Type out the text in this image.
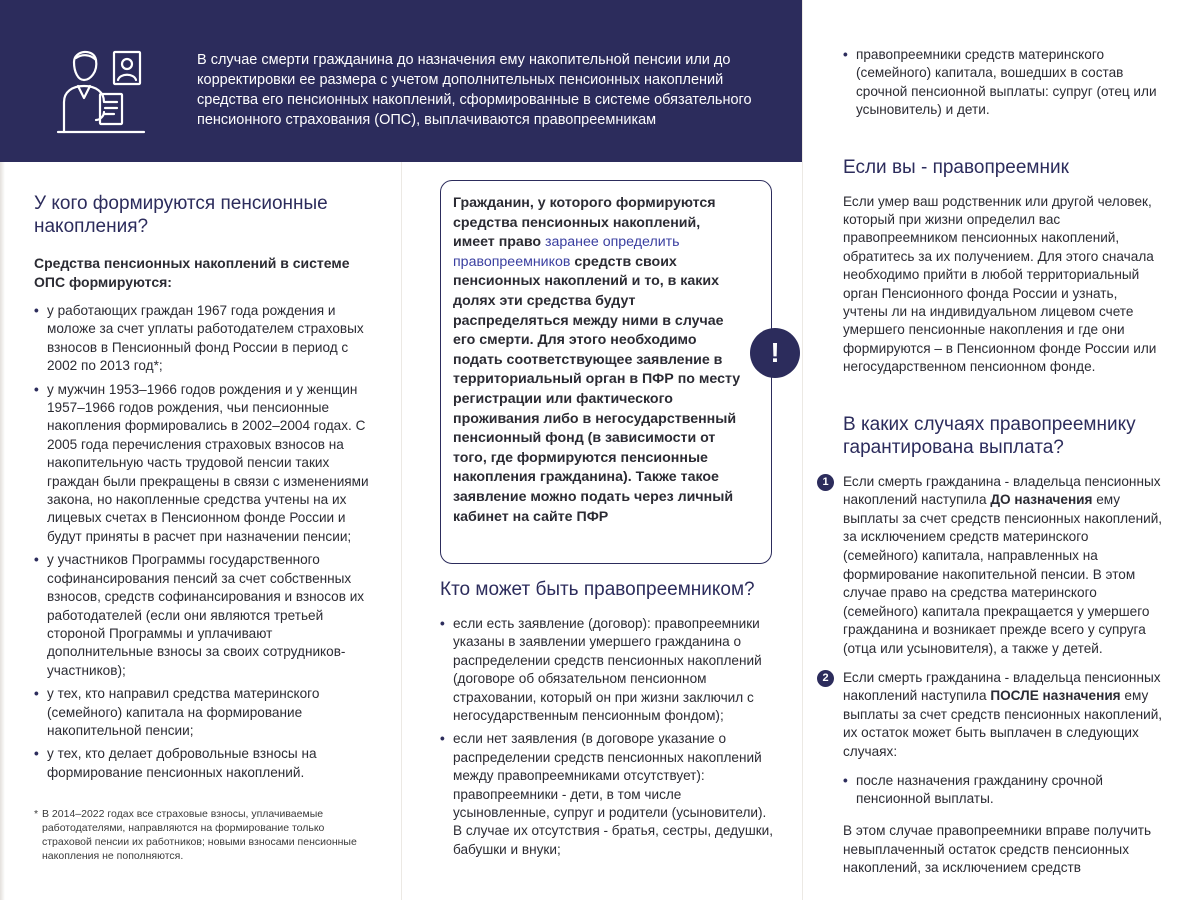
В случае смерти гражданина до назначения ему накопительной пенсии или до корректировки ее размера с учетом дополнительных пенсионных накоплений средства его пенсионных накоплений, сформированные в системе обязательного пенсионного страхования (ОПС), выплачиваются правопреемникам
У кого формируются пенсионные накопления?
Средства пенсионных накоплений в системе ОПС формируются:
• у работающих граждан 1967 года рождения и моложе за счет уплаты работодателем страховых взносов в Пенсионный фонд России в период с 2002 по 2013 год*;
• у мужчин 1953–1966 годов рождения и у женщин 1957–1966 годов рождения, чьи пенсионные накопления формировались в 2002–2004 годах. С 2005 года перечисления страховых взносов на накопительную часть трудовой пенсии таких граждан были прекращены в связи с изменениями закона, но накопленные средства учтены на их лицевых счетах в Пенсионном фонде России и будут приняты в расчет при назначении пенсии;
• у участников Программы государственного софинансирования пенсий за счет собственных взносов, средств софинансирования и взносов их работодателей (если они являются третьей стороной Программы и уплачивают дополнительные взносы за своих сотрудников-участников);
• у тех, кто направил средства материнского (семейного) капитала на формирование накопительной пенсии;
• у тех, кто делает добровольные взносы на формирование пенсионных накоплений.
* В 2014–2022 годах все страховые взносы, уплачиваемые работодателями, направляются на формирование только страховой пенсии их работников; новыми взносами пенсионные накопления не пополняются.
Гражданин, у которого формируются средства пенсионных накоплений, имеет право заранее определить правопреемников средств своих пенсионных накоплений и то, в каких долях эти средства будут распределяться между ними в случае его смерти. Для этого необходимо подать соответствующее заявление в территориальный орган в ПФР по месту регистрации или фактического проживания либо в негосударственный пенсионный фонд (в зависимости от того, где формируются пенсионные накопления гражданина). Также такое заявление можно подать через личный кабинет на сайте ПФР
!
Кто может быть правопреемником?
• если есть заявление (договор): правопреемники указаны в заявлении умершего гражданина о распределении средств пенсионных накоплений (договоре об обязательном пенсионном страховании, который он при жизни заключил с негосударственным пенсионным фондом);
• если нет заявления (в договоре указание о распределении средств пенсионных накоплений между правопреемниками отсутствует): правопреемники - дети, в том числе усыновленные, супруг и родители (усыновители). В случае их отсутствия - братья, сестры, дедушки, бабушки и внуки;
• правопреемники средств материнского (семейного) капитала, вошедших в состав срочной пенсионной выплаты: супруг (отец или усыновитель) и дети.
Если вы - правопреемник

Если умер ваш родственник или другой человек, который при жизни определил вас правопреемником пенсионных накоплений, обратитесь за их получением. Для этого сначала необходимо прийти в любой территориальный орган Пенсионного фонда России и узнать, учтены ли на индивидуальном лицевом счете умершего пенсионные накопления и где они формируются – в Пенсионном фонде России или негосударственном пенсионном фонде.

В каких случаях правопреемнику гарантирована выплата?
1	Если смерть гражданина - владельца пенсионных накоплений наступила ДО назначения ему выплаты за счет средств пенсионных накоплений, за исключением средств материнского (семейного) капитала, направленных на формирование накопительной пенсии. В этом случае право на средства материнского (семейного) капитала прекращается у умершего гражданина и возникает прежде всего у супруга (отца или усыновителя), а также у детей.
2	Если смерть гражданина - владельца пенсионных накоплений наступила ПОСЛЕ назначения ему выплаты за счет средств пенсионных накоплений, их остаток может быть выплачен в следующих случаях:
• после назначения гражданину срочной пенсионной выплаты.

В этом случае правопреемники вправе получить невыплаченный остаток средств пенсионных накоплений, за исключением средств
